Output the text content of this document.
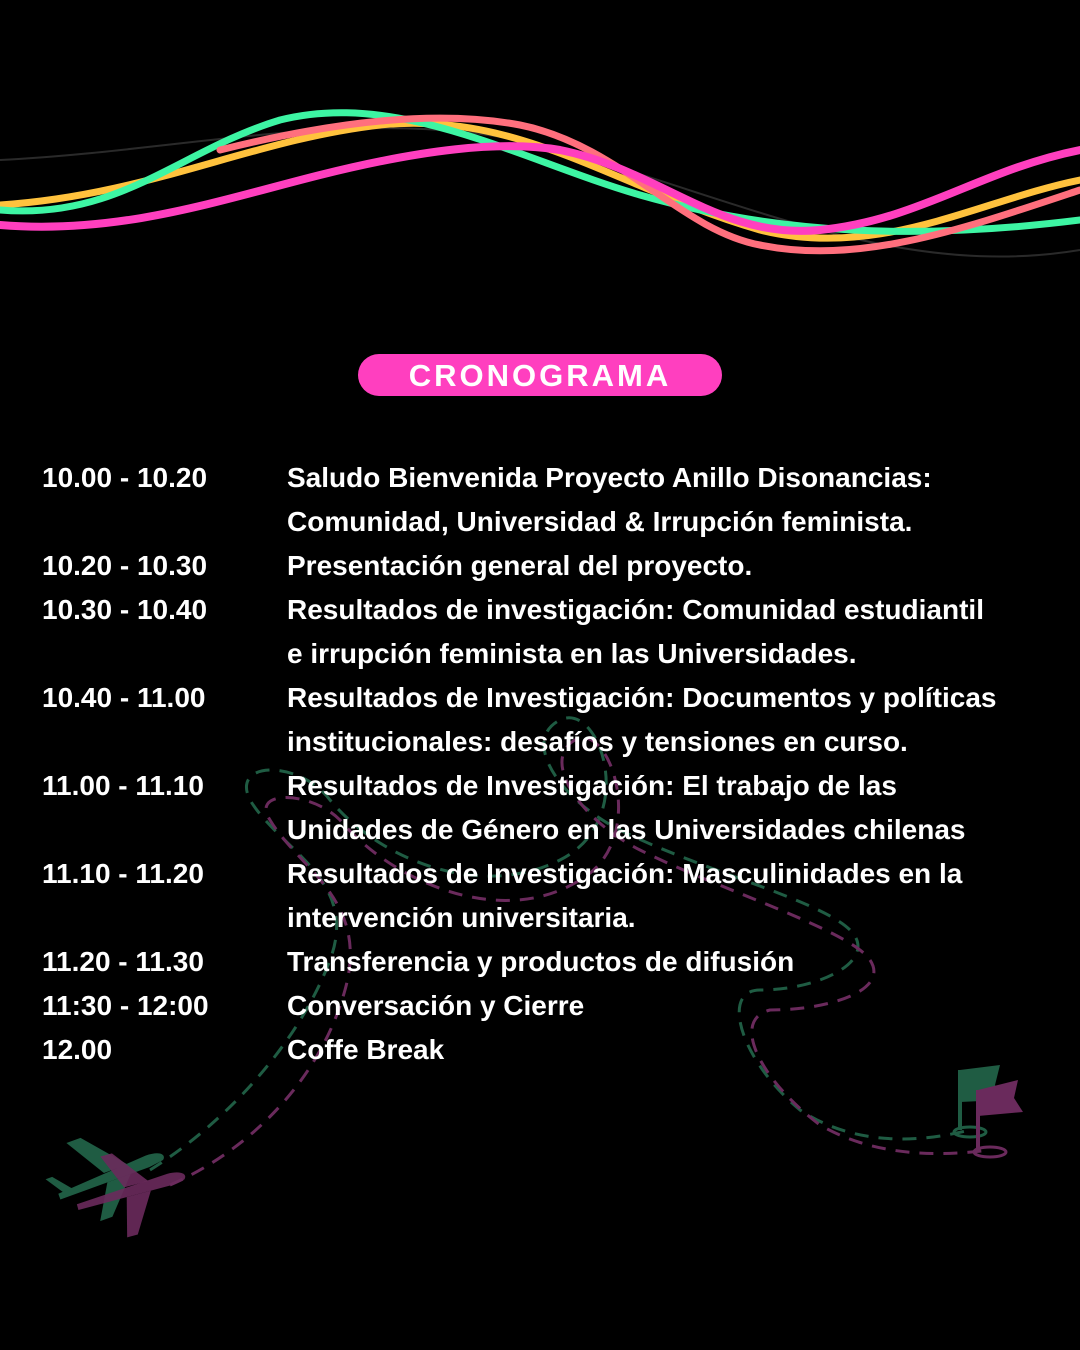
CRONOGRAMA
10.00 - 10.20	Saludo Bienvenida Proyecto Anillo Disonancias:
Comunidad, Universidad & Irrupción feminista.
10.20 - 10.30	Presentación general del proyecto.
10.30 - 10.40	Resultados de investigación: Comunidad estudiantil
e irrupción feminista en las Universidades.
10.40 - 11.00	Resultados de Investigación: Documentos y políticas
institucionales: desafíos y tensiones en curso.
11.00 - 11.10	Resultados de Investigación: El trabajo de las
Unidades de Género en las Universidades chilenas
11.10 - 11.20	Resultados de Investigación: Masculinidades en la
intervención universitaria.
11.20 - 11.30	Transferencia y productos de difusión
11:30 - 12:00	Conversación y Cierre
12.00	Coffe Break
